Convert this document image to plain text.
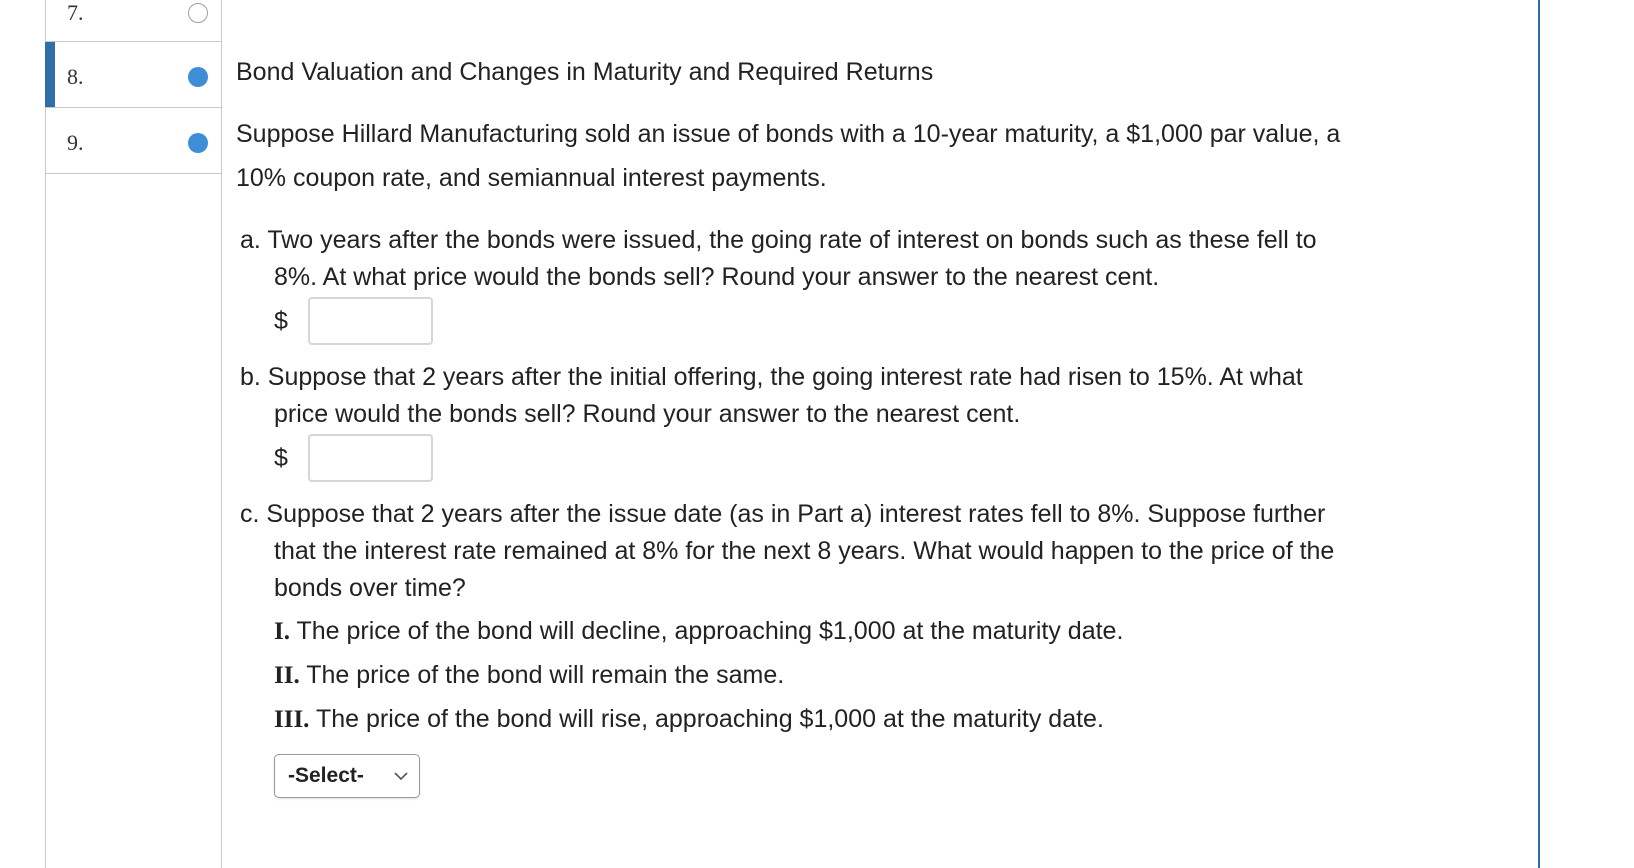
7.
8.
9.
Bond Valuation and Changes in Maturity and Required Returns
Suppose Hillard Manufacturing sold an issue of bonds with a 10-year maturity, a $1,000 par value, a
10% coupon rate, and semiannual interest payments.
a. Two years after the bonds were issued, the going rate of interest on bonds such as these fell to
8%. At what price would the bonds sell? Round your answer to the nearest cent.
$
b. Suppose that 2 years after the initial offering, the going interest rate had risen to 15%. At what
price would the bonds sell? Round your answer to the nearest cent.
$
c. Suppose that 2 years after the issue date (as in Part a) interest rates fell to 8%. Suppose further
that the interest rate remained at 8% for the next 8 years. What would happen to the price of the
bonds over time?
I. The price of the bond will decline, approaching $1,000 at the maturity date.
II. The price of the bond will remain the same.
III. The price of the bond will rise, approaching $1,000 at the maturity date.
-Select-
